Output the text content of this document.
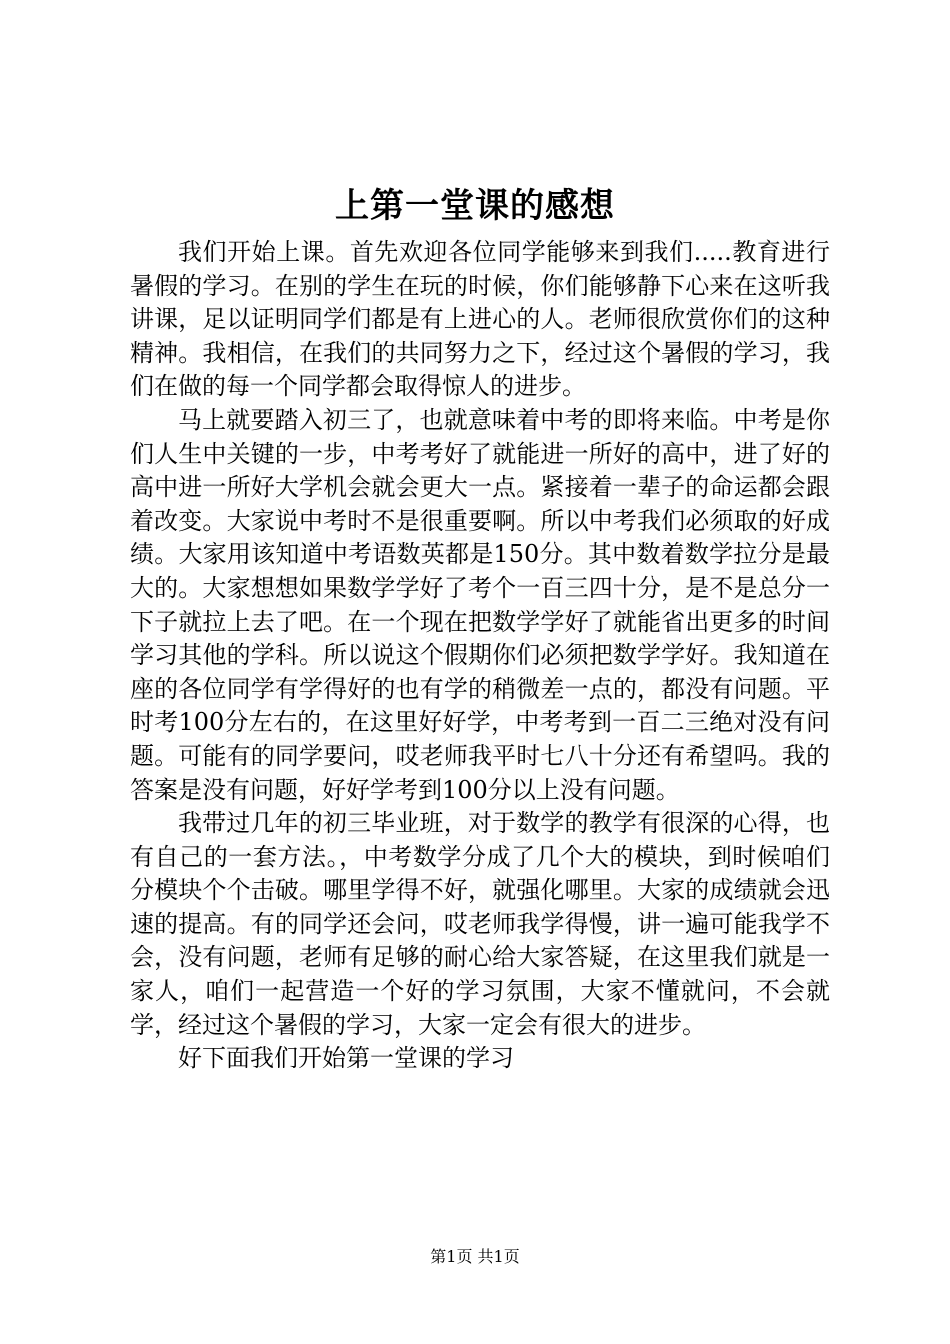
上第一堂课的感想

我们开始上课。首先欢迎各位同学能够来到我们.....教育进行暑假的学习。在别的学生在玩的时候，你们能够静下心来在这听我讲课，足以证明同学们都是有上进心的人。老师很欣赏你们的这种精神。我相信，在我们的共同努力之下，经过这个暑假的学习，我们在做的每一个同学都会取得惊人的进步。

马上就要踏入初三了，也就意味着中考的即将来临。中考是你们人生中关键的一步，中考考好了就能进一所好的高中，进了好的高中进一所好大学机会就会更大一点。紧接着一辈子的命运都会跟着改变。大家说中考时不是很重要啊。所以中考我们必须取的好成绩。大家用该知道中考语数英都是150分。其中数着数学拉分是最大的。大家想想如果数学学好了考个一百三四十分，是不是总分一下子就拉上去了吧。在一个现在把数学学好了就能省出更多的时间学习其他的学科。所以说这个假期你们必须把数学学好。我知道在座的各位同学有学得好的也有学的稍微差一点的，都没有问题。平时考100分左右的，在这里好好学，中考考到一百二三绝对没有问题。可能有的同学要问，哎老师我平时七八十分还有希望吗。我的答案是没有问题，好好学考到100分以上没有问题。

我带过几年的初三毕业班，对于数学的教学有很深的心得，也有自己的一套方法。，中考数学分成了几个大的模块，到时候咱们分模块个个击破。哪里学得不好，就强化哪里。大家的成绩就会迅速的提高。有的同学还会问，哎老师我学得慢，讲一遍可能我学不会，没有问题，老师有足够的耐心给大家答疑，在这里我们就是一家人，咱们一起营造一个好的学习氛围，大家不懂就问，不会就学，经过这个暑假的学习，大家一定会有很大的进步。

好下面我们开始第一堂课的学习

第1页 共1页
